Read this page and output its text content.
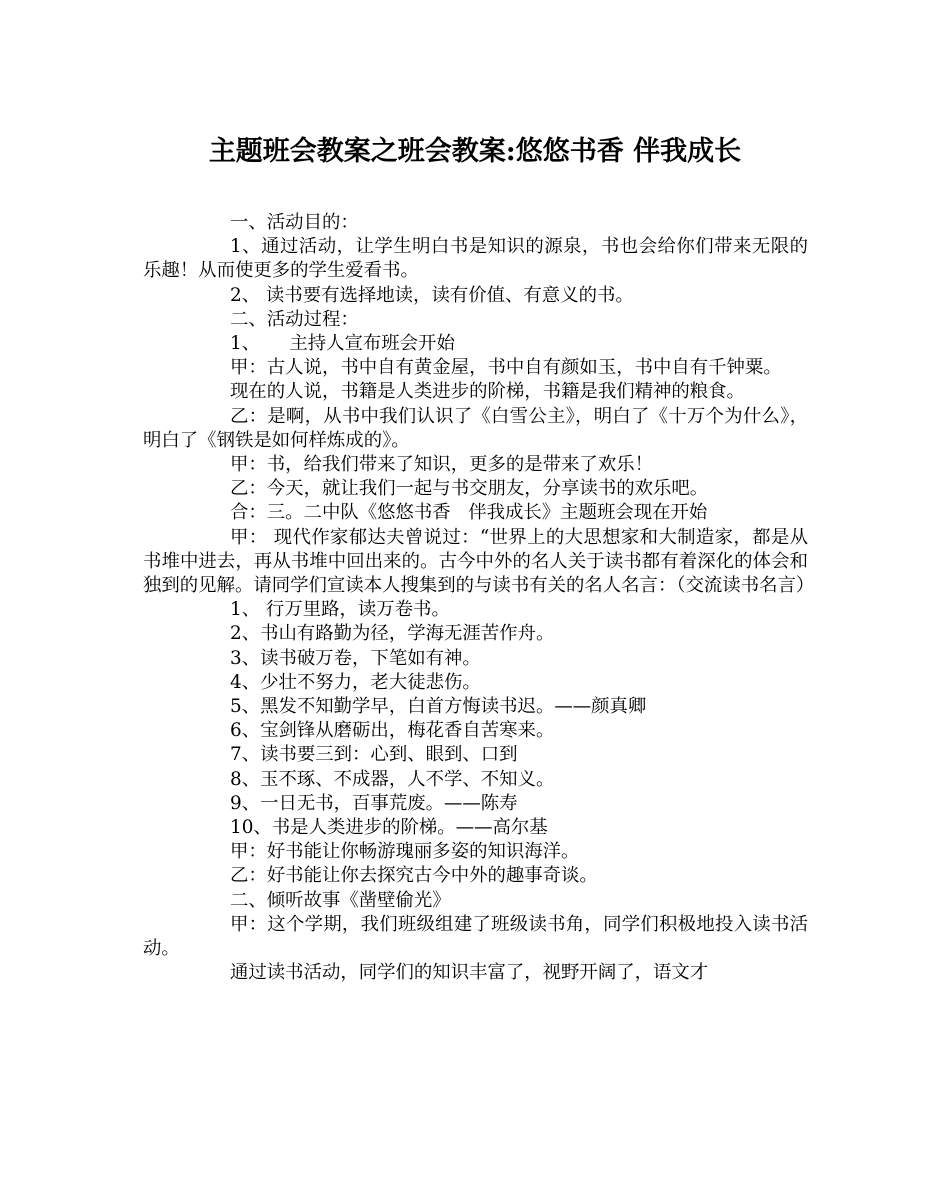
主题班会教案之班会教案:悠悠书香 伴我成长

一、活动目的：

1、通过活动，让学生明白书是知识的源泉，书也会给你们带来无限的乐趣！从而使更多的学生爱看书。

2、 读书要有选择地读，读有价值、有意义的书。

二、活动过程：

1、     主持人宣布班会开始

甲：古人说，书中自有黄金屋，书中自有颜如玉，书中自有千钟粟。

现在的人说，书籍是人类进步的阶梯，书籍是我们精神的粮食。

乙：是啊，从书中我们认识了《白雪公主》，明白了《十万个为什么》，明白了《钢铁是如何样炼成的》。

甲：书，给我们带来了知识，更多的是带来了欢乐！

乙：今天，就让我们一起与书交朋友，分享读书的欢乐吧。

合：三。二中队《悠悠书香   伴我成长》主题班会现在开始

甲： 现代作家郁达夫曾说过：“世界上的大思想家和大制造家，都是从书堆中进去，再从书堆中回出来的。古今中外的名人关于读书都有着深化的体会和独到的见解。请同学们宣读本人搜集到的与读书有关的名人名言：（交流读书名言）

1、 行万里路，读万卷书。

2、书山有路勤为径，学海无涯苦作舟。

3、读书破万卷，下笔如有神。

4、少壮不努力，老大徒悲伤。

5、黑发不知勤学早，白首方悔读书迟。——颜真卿

6、宝剑锋从磨砺出，梅花香自苦寒来。

7、读书要三到：心到、眼到、口到

8、玉不琢、不成器，人不学、不知义。

9、一日无书，百事荒废。——陈寿

10、书是人类进步的阶梯。——高尔基

甲：好书能让你畅游瑰丽多姿的知识海洋。

乙：好书能让你去探究古今中外的趣事奇谈。

二、倾听故事《凿壁偷光》

甲：这个学期，我们班级组建了班级读书角，同学们积极地投入读书活动。

通过读书活动，同学们的知识丰富了，视野开阔了，语文才
